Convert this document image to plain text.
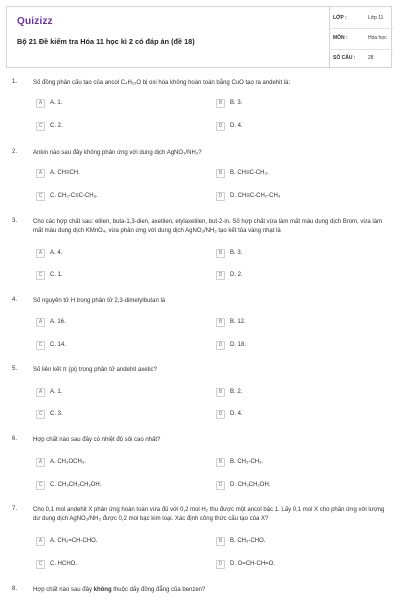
Quizizz
Bộ 21 Đề kiểm tra Hóa 11 học kì 2 có đáp án (đề 18)
LỚP :	Lớp 11
MÔN :	Hóa học
SỐ CÂU :	28
1.	Số đồng phân cấu tạo của ancol C₄H₁₀O bị oxi hóa không hoàn toàn bằng CuO tạo ra andehit là:
A	A. 1.	B	B. 3.
C	C. 2.	D	D. 4.
2.	Ankin nào sau đây không phản ứng với dung dịch AgNO₃/NH₃?
A	A. CH≡CH.	B	B. CH≡C-CH₃.
C	C. CH₃-C≡C-CH₃.	D	D. CH≡C-CH₂-CH₃
3.	Cho các hợp chất sau: etilen, buta-1,3-dien, axetilen, etylaxetilen, but-2-in. Số hợp chất vừa làm mất màu dung dịch Brom, vừa làm mất màu dung dịch KMnO₄, vừa phản ứng với dung dịch AgNO₃/NH₃ tạo kết tủa vàng nhạt là
A	A. 4.	B	B. 3.
C	C. 1.	D	D. 2.
4.	Số nguyên tử H trong phân tử 2,3-dimetylbutan là
A	A. 16.	B	B. 12.
C	C. 14.	D	D. 18.
5.	Số liên kết π (pi) trong phân tử andehit axetic?
A	A. 1.	B	B. 2.
C	C. 3.	D	D. 4.
6.	Hợp chất nào sau đây có nhiệt độ sôi cao nhất?
A	A. CH₃OCH₃.	B	B. CH₃-CH₃.
C	C. CH₃CH₂CH₂OH.	D	D. CH₃CH₂OH.
7.	Cho 0,1 mol andehit X phản ứng hoàn toàn vừa đủ với 0,2 mol H₂ thu được một ancol bậc 1. Lấy 0,1 mol X cho phản ứng với lượng dư dung dịch AgNO₃/NH₃ được 0,2 mol bạc kim loại. Xác định công thức cấu tạo của X?
A	A. CH₂=CH-CHO.	B	B. CH₃-CHO.
C	C. HCHO.	D	D. O=CH-CH=O.
8.	Hợp chất nào sau đây không thuộc dãy đồng đẳng của benzen?
